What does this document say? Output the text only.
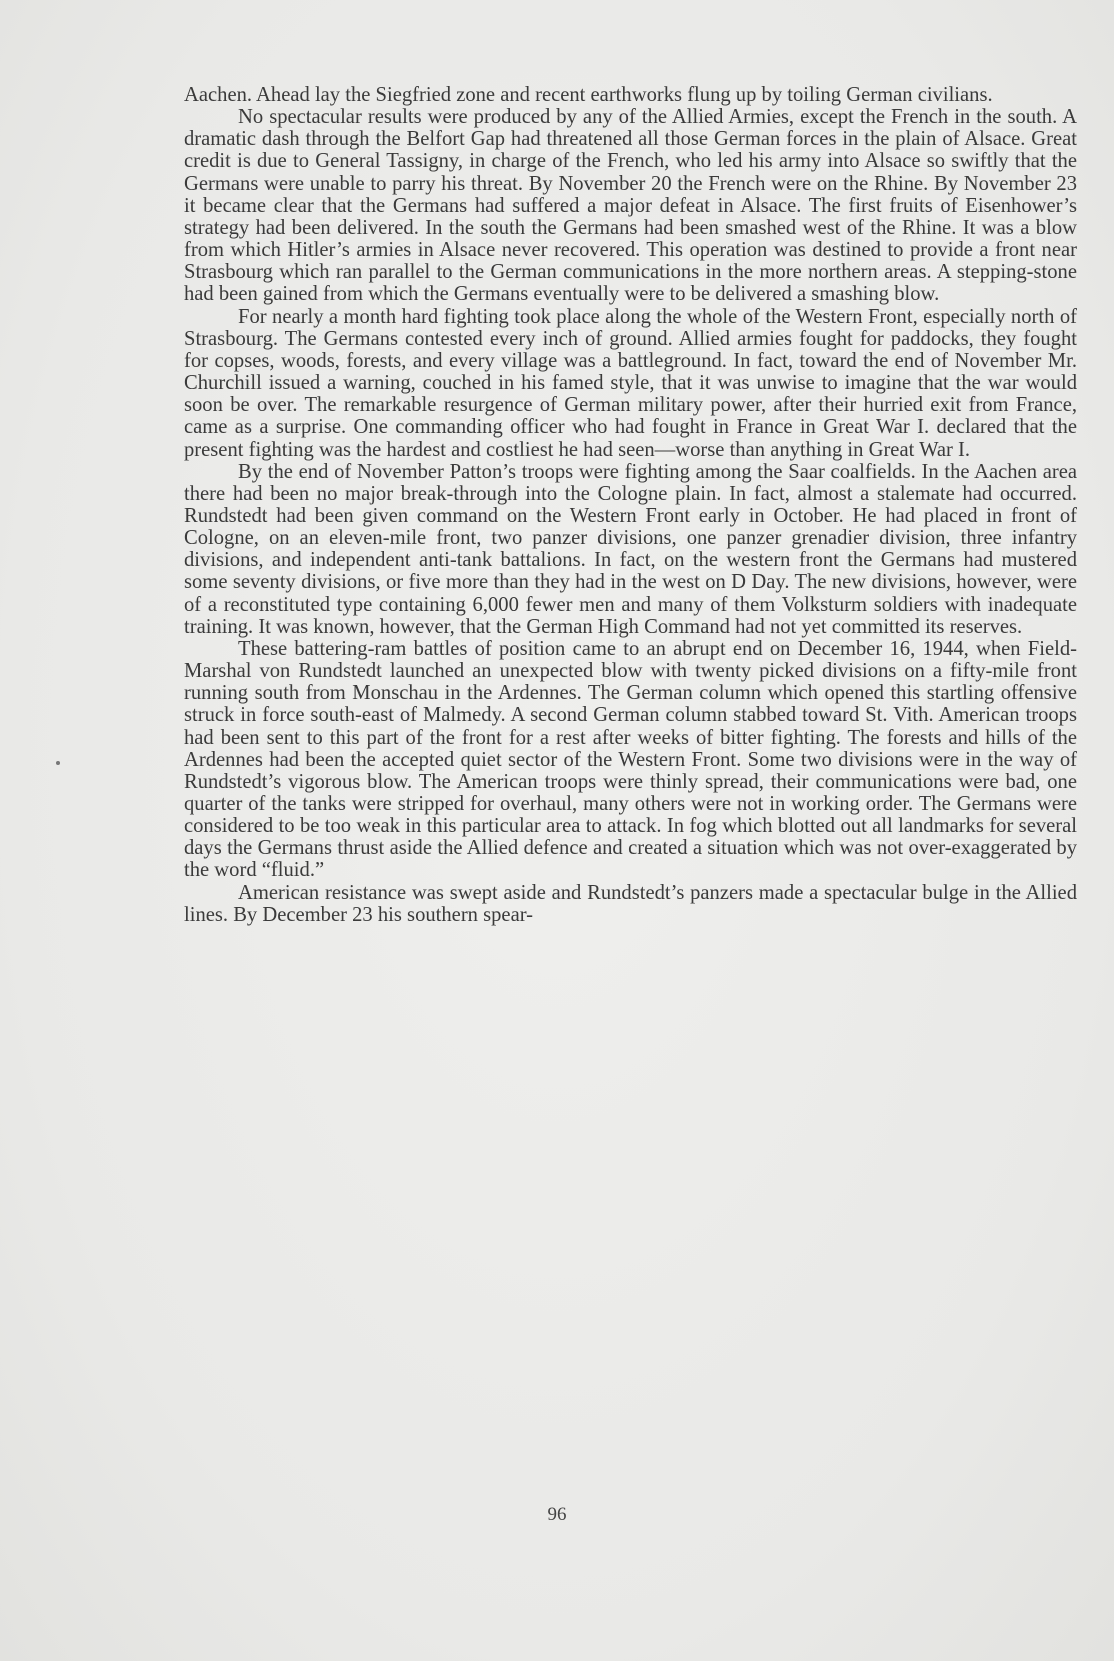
Aachen. Ahead lay the Siegfried zone and recent earthworks flung up by toiling German civilians.

No spectacular results were produced by any of the Allied Armies, except the French in the south. A dramatic dash through the Belfort Gap had threatened all those German forces in the plain of Alsace. Great credit is due to General Tassigny, in charge of the French, who led his army into Alsace so swiftly that the Germans were unable to parry his threat. By November 20 the French were on the Rhine. By November 23 it became clear that the Germans had suffered a major defeat in Alsace. The first fruits of Eisenhower’s strategy had been delivered. In the south the Germans had been smashed west of the Rhine. It was a blow from which Hitler’s armies in Alsace never recovered. This operation was destined to provide a front near Strasbourg which ran parallel to the German communications in the more northern areas. A stepping-stone had been gained from which the Germans eventually were to be delivered a smashing blow.

For nearly a month hard fighting took place along the whole of the Western Front, especially north of Strasbourg. The Germans contested every inch of ground. Allied armies fought for paddocks, they fought for copses, woods, forests, and every village was a battleground. In fact, toward the end of November Mr. Churchill issued a warning, couched in his famed style, that it was unwise to imagine that the war would soon be over. The remarkable resurgence of German military power, after their hurried exit from France, came as a surprise. One commanding officer who had fought in France in Great War I. declared that the present fighting was the hardest and costliest he had seen—worse than anything in Great War I.

By the end of November Patton’s troops were fighting among the Saar coalfields. In the Aachen area there had been no major break-through into the Cologne plain. In fact, almost a stalemate had occurred. Rundstedt had been given command on the Western Front early in October. He had placed in front of Cologne, on an eleven-mile front, two panzer divisions, one panzer grenadier division, three infantry divisions, and independent anti-tank battalions. In fact, on the western front the Germans had mustered some seventy divisions, or five more than they had in the west on D Day. The new divisions, however, were of a reconstituted type containing 6,000 fewer men and many of them Volksturm soldiers with inadequate training. It was known, however, that the German High Command had not yet committed its reserves.

These battering-ram battles of position came to an abrupt end on December 16, 1944, when Field-Marshal von Rundstedt launched an unexpected blow with twenty picked divisions on a fifty-mile front running south from Monschau in the Ardennes. The German column which opened this startling offensive struck in force south-east of Malmedy. A second German column stabbed toward St. Vith. American troops had been sent to this part of the front for a rest after weeks of bitter fighting. The forests and hills of the Ardennes had been the accepted quiet sector of the Western Front. Some two divisions were in the way of Rundstedt’s vigorous blow. The American troops were thinly spread, their communications were bad, one quarter of the tanks were stripped for overhaul, many others were not in working order. The Germans were considered to be too weak in this particular area to attack. In fog which blotted out all landmarks for several days the Germans thrust aside the Allied defence and created a situation which was not over-exaggerated by the word “fluid.”

American resistance was swept aside and Rundstedt’s panzers made a spectacular bulge in the Allied lines. By December 23 his southern spear-

96
